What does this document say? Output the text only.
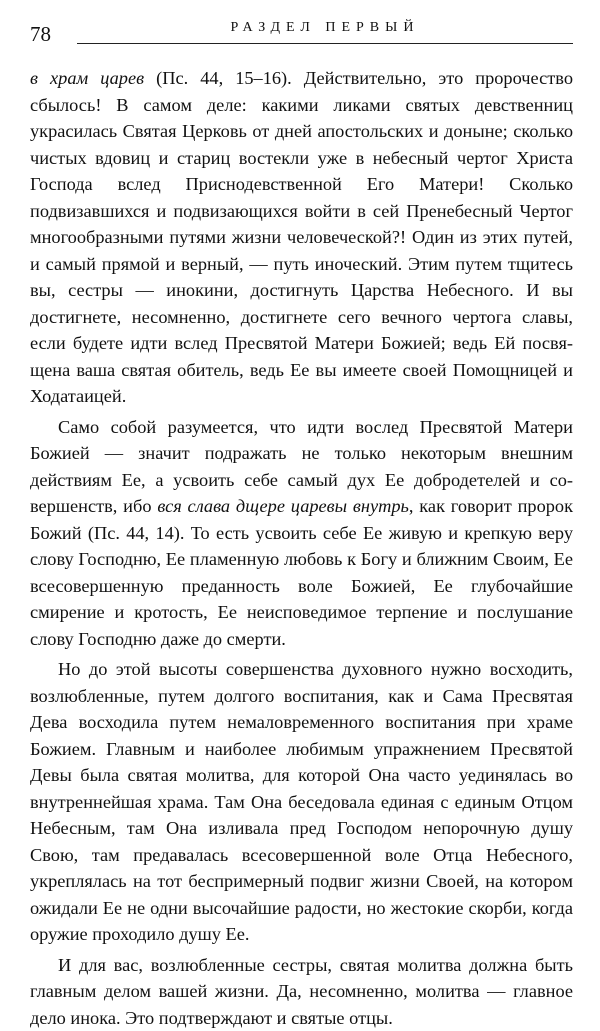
78	РАЗДЕЛ ПЕРВЫЙ

в храм царев (Пс. 44, 15–16). Действительно, это пророчество сбылось! В самом деле: какими ликами святых девственниц украсилась Святая Церковь от дней апостольских и доныне; сколько чистых вдовиц и стариц востекли уже в небесный чертог Христа Господа вслед Приснодевственной Его Матери! Сколько подвизавшихся и подвизающихся войти в сей Пренебесный Чертог многообразными путями жизни человеческой?! Один из этих путей, и самый прямой и верный, — путь иноческий. Этим путем тщитесь вы, сестры — инокини, достигнуть Царства Небесного. И вы достигнете, несомненно, достигнете сего вечного чертога славы, если будете идти вслед Пресвятой Матери Божией; ведь Ей посвящена ваша святая обитель, ведь Ее вы имеете своей Помощницей и Ходатаицей.

Само собой разумеется, что идти вослед Пресвятой Матери Божией — значит подражать не только некоторым внешним действиям Ее, а усвоить себе самый дух Ее добродетелей и совершенств, ибо вся слава дщере царевы внутрь, как говорит пророк Божий (Пс. 44, 14). То есть усвоить себе Ее живую и крепкую веру слову Господню, Ее пламенную любовь к Богу и ближним Своим, Ее всесовершенную преданность воле Божией, Ее глубочайшие смирение и кротость, Ее неисповедимое терпение и послушание слову Господню даже до смерти.

Но до этой высоты совершенства духовного нужно восходить, возлюбленные, путем долгого воспитания, как и Сама Пресвятая Дева восходила путем немаловременного воспитания при храме Божием. Главным и наиболее любимым упражнением Пресвятой Девы была святая молитва, для которой Она часто уединялась во внутреннейшая храма. Там Она беседовала единая с единым Отцом Небесным, там Она изливала пред Господом непорочную душу Свою, там предавалась всесовершенной воле Отца Небесного, укреплялась на тот беспримерный подвиг жизни Своей, на котором ожидали Ее не одни высочайшие радости, но жестокие скорби, когда оружие проходило душу Ее.

И для вас, возлюбленные сестры, святая молитва должна быть главным делом вашей жизни. Да, несомненно, молитва — главное дело инока. Это подтверждают и святые отцы.
